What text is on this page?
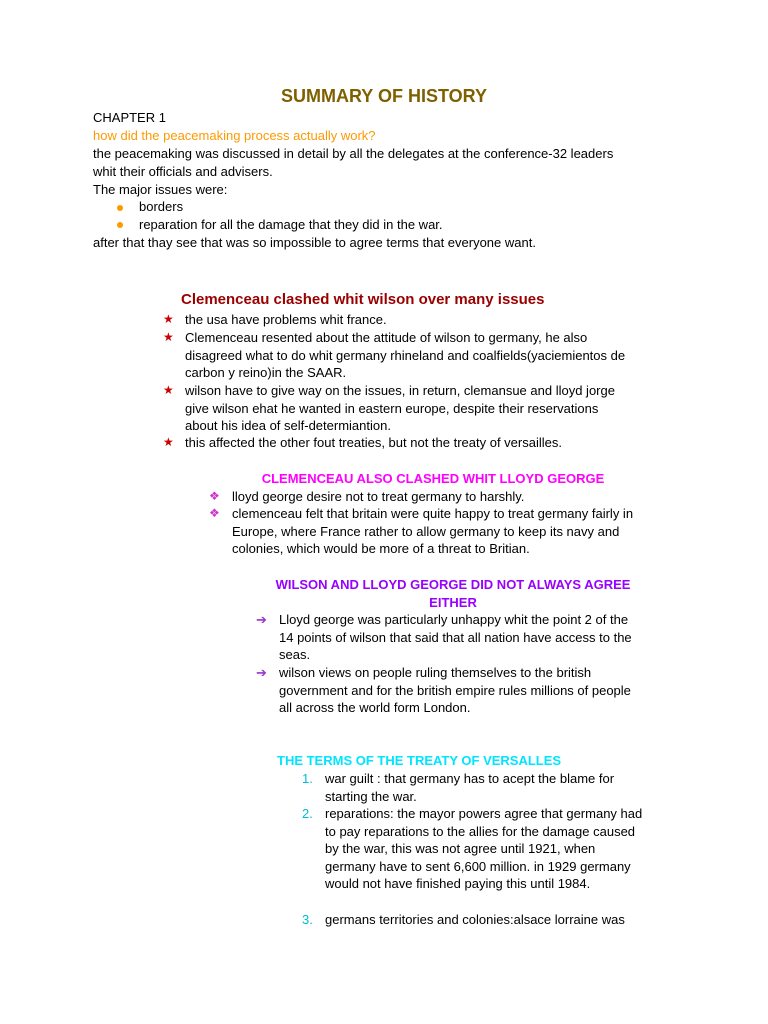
SUMMARY OF HISTORY
CHAPTER 1
how did the peacemaking process actually work?
the peacemaking was discussed in detail by all the delegates at the conference-32 leaders
whit their officials and advisers.
The major issues were:
borders
reparation for all the damage that they did in the war.
after that thay see that was so impossible to agree terms that everyone want.
Clemenceau clashed whit wilson over many issues
★ the usa have problems whit france.
★ Clemenceau resented about the attitude of wilson to germany, he also
disagreed what to do whit germany rhineland and coalfields(yaciemientos de
carbon y reino)in the SAAR.
★ wilson have to give way on the issues, in return, clemansue and lloyd jorge
give wilson ehat he wanted in eastern europe, despite their reservations
about his idea of self-determiantion.
★ this affected the other fout treaties, but not the treaty of versailles.
CLEMENCEAU ALSO CLASHED WHIT LLOYD GEORGE
❖ lloyd george desire not to treat germany to harshly.
❖ clemenceau felt that britain were quite happy to treat germany fairly in
Europe, where France rather to allow germany to keep its navy and
colonies, which would be more of a threat to Britian.
WILSON AND LLOYD GEORGE DID NOT ALWAYS AGREE
EITHER
➔ Lloyd george was particularly unhappy whit the point 2 of the
14 points of wilson that said that all nation have access to the
seas.
➔ wilson views on people ruling themselves to the british
government and for the british empire rules millions of people
all across the world form London.
THE TERMS OF THE TREATY OF VERSALLES
1. war guilt : that germany has to acept the blame for
starting the war.
2. reparations: the mayor powers agree that germany had
to pay reparations to the allies for the damage caused
by the war, this was not agree until 1921, when
germany have to sent 6,600 million. in 1929 germany
would not have finished paying this until 1984.
3. germans territories and colonies:alsace lorraine was
